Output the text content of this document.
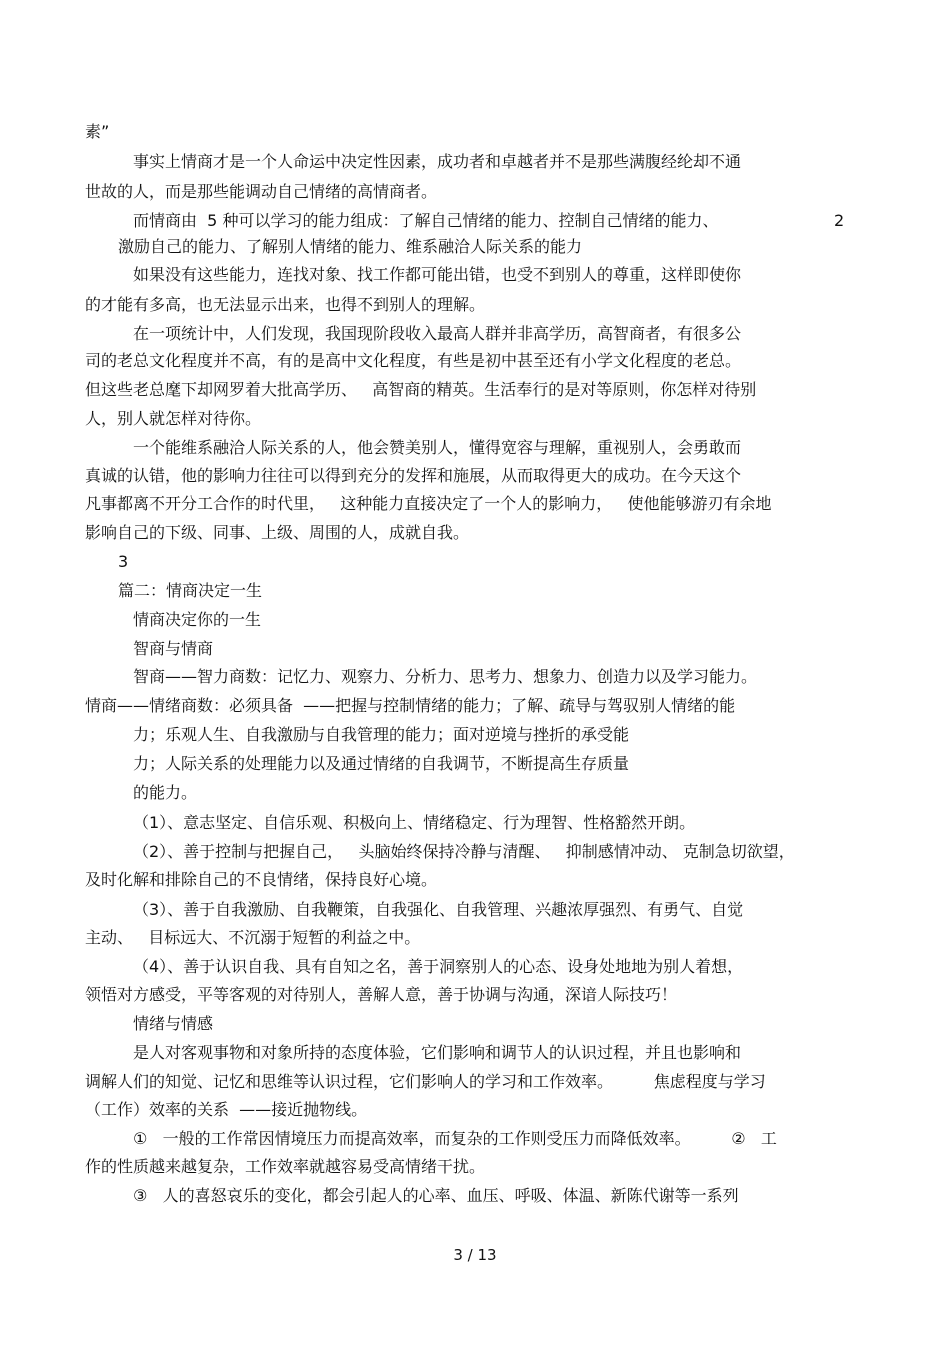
素”
事实上情商才是一个人命运中决定性因素，成功者和卓越者并不是那些满腹经纶却不通
世故的人，而是那些能调动自己情绪的高情商者。
而情商由  5 种可以学习的能力组成：了解自己情绪的能力、控制自己情绪的能力、	2
激励自己的能力、了解别人情绪的能力、维系融洽人际关系的能力
如果没有这些能力，连找对象、找工作都可能出错，也受不到别人的尊重，这样即使你
的才能有多高，也无法显示出来，也得不到别人的理解。
在一项统计中，人们发现，我国现阶段收入最高人群并非高学历，高智商者，有很多公
司的老总文化程度并不高，有的是高中文化程度，有些是初中甚至还有小学文化程度的老总。
但这些老总麾下却网罗着大批高学历、   高智商的精英。生活奉行的是对等原则，你怎样对待别
人，别人就怎样对待你。
一个能维系融洽人际关系的人，他会赞美别人，懂得宽容与理解，重视别人，会勇敢而
真诚的认错，他的影响力往往可以得到充分的发挥和施展，从而取得更大的成功。在今天这个
凡事都离不开分工合作的时代里，   这种能力直接决定了一个人的影响力，   使他能够游刃有余地
影响自己的下级、同事、上级、周围的人，成就自我。
3
篇二：情商决定一生
情商决定你的一生
智商与情商
智商——智力商数：记忆力、观察力、分析力、思考力、想象力、创造力以及学习能力。
情商——情绪商数：必须具备  ——把握与控制情绪的能力；了解、疏导与驾驭别人情绪的能
力；乐观人生、自我激励与自我管理的能力；面对逆境与挫折的承受能
力；人际关系的处理能力以及通过情绪的自我调节，不断提高生存质量
的能力。
（1）、意志坚定、自信乐观、积极向上、情绪稳定、行为理智、性格豁然开朗。
（2）、善于控制与把握自己，   头脑始终保持冷静与清醒、   抑制感情冲动、 克制急切欲望，
及时化解和排除自己的不良情绪，保持良好心境。
（3）、善于自我激励、自我鞭策，自我强化、自我管理、兴趣浓厚强烈、有勇气、自觉
主动、   目标远大、不沉溺于短暂的利益之中。
（4）、善于认识自我、具有自知之名，善于洞察别人的心态、设身处地地为别人着想，
领悟对方感受，平等客观的对待别人，善解人意，善于协调与沟通，深谙人际技巧！
情绪与情感
是人对客观事物和对象所持的态度体验，它们影响和调节人的认识过程，并且也影响和
调解人们的知觉、记忆和思维等认识过程，它们影响人的学习和工作效率。        焦虑程度与学习
（工作）效率的关系  ——接近抛物线。
①   一般的工作常因情境压力而提高效率，而复杂的工作则受压力而降低效率。        ②   工
作的性质越来越复杂，工作效率就越容易受高情绪干扰。
③   人的喜怒哀乐的变化，都会引起人的心率、血压、呼吸、体温、新陈代谢等一系列
3 / 13
